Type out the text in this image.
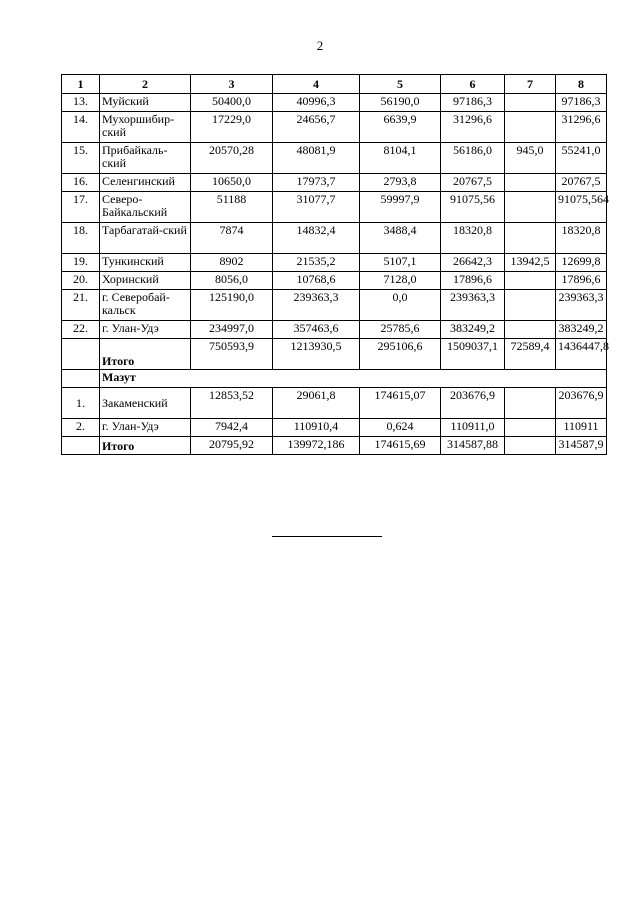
2
1	2	3	4	5	6	7	8
13.	Муйский	50400,0	40996,3	56190,0	97186,3		97186,3
14.	Мухоршибир-ский	17229,0	24656,7	6639,9	31296,6		31296,6
15.	Прибайкаль-ский	20570,28	48081,9	8104,1	56186,0	945,0	55241,0
16.	Селенгинский	10650,0	17973,7	2793,8	20767,5		20767,5
17.	Северо-Байкальский	51188	31077,7	59997,9	91075,56		91075,564
18.	Тарбагатай-ский	7874	14832,4	3488,4	18320,8		18320,8
19.	Тункинский	8902	21535,2	5107,1	26642,3	13942,5	12699,8
20.	Хоринский	8056,0	10768,6	7128,0	17896,6		17896,6
21.	г. Северобай-кальск	125190,0	239363,3	0,0	239363,3		239363,3
22.	г. Улан-Удэ	234997,0	357463,6	25785,6	383249,2		383249,2
	Итого	750593,9	1213930,5	295106,6	1509037,1	72589,4	1436447,8
	Мазут						
1.	Закаменский	12853,52	29061,8	174615,07	203676,9		203676,9
2.	г. Улан-Удэ	7942,4	110910,4	0,624	110911,0		110911
	Итого	20795,92	139972,186	174615,69	314587,88		314587,9
